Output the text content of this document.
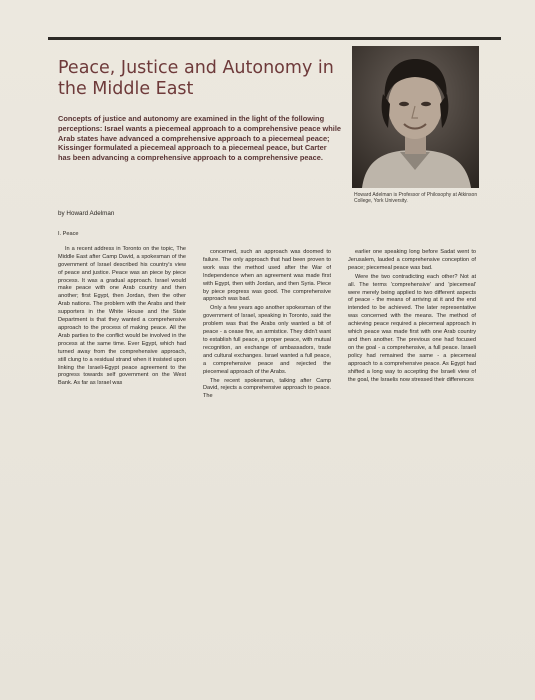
Peace, Justice and Autonomy in the Middle East
Howard Adelman is Professor of Philosophy at Atkinson College, York University.

Concepts of justice and autonomy are examined in the light of the following perceptions: Israel wants a piecemeal approach to a comprehensive peace while Arab states have advanced a comprehensive approach to a piecemeal peace; Kissinger formulated a piecemeal approach to a piecemeal peace, but Carter has been advancing a comprehensive approach to a comprehensive peace.

by Howard Adelman

I. Peace

In a recent address in Toronto on the topic, The Middle East after Camp David, a spokesman of the government of Israel described his country's view of peace and justice. Peace was an piece by piece process. It was a gradual approach. Israel would make peace with one Arab country and then another; first Egypt, then Jordan, then the other Arab nations. The problem with the Arabs and their supporters in the White House and the State Department is that they wanted a comprehensive approach to the process of making peace. All the Arab parties to the conflict would be involved in the process at the same time. Ever Egypt, which had turned away from the comprehensive approach, still clung to a residual strand when it insisted upon linking the Israeli-Egypt peace agreement to the progress towards self government on the West Bank. As far as Israel was

concerned, such an approach was doomed to failure. The only approach that had been proven to work was the method used after the War of Independence when an agreement was made first with Egypt, then with Jordan, and then Syria. Piece by piece progress was good. The comprehensive approach was bad.

Only a few years ago another spokesman of the government of Israel, speaking in Toronto, said the problem was that the Arabs only wanted a bit of peace - a cease fire, an armistice. They didn't want to establish full peace, a proper peace, with mutual recognition, an exchange of ambassadors, trade and cultural exchanges. Israel wanted a full peace, a comprehensive peace and rejected the piecemeal approach of the Arabs.

The recent spokesman, talking after Camp David, rejects a comprehensive approach to peace. The

earlier one speaking long before Sadat went to Jerusalem, lauded a comprehensive conception of peace; piecemeal peace was bad.

Were the two contradicting each other? Not at all. The terms 'comprehensive' and 'piecemeal' were merely being applied to two different aspects of peace - the means of arriving at it and the end intended to be achieved. The later representative was concerned with the means. The method of achieving peace required a piecemeal approach in which peace was made first with one Arab country and then another. The previous one had focused on the goal - a comprehensive, a full peace. Israeli policy had remained the same - a piecemeal approach to a comprehensive peace. As Egypt had shifted a long way to accepting the Israeli view of the goal, the Israelis now stressed their differences
